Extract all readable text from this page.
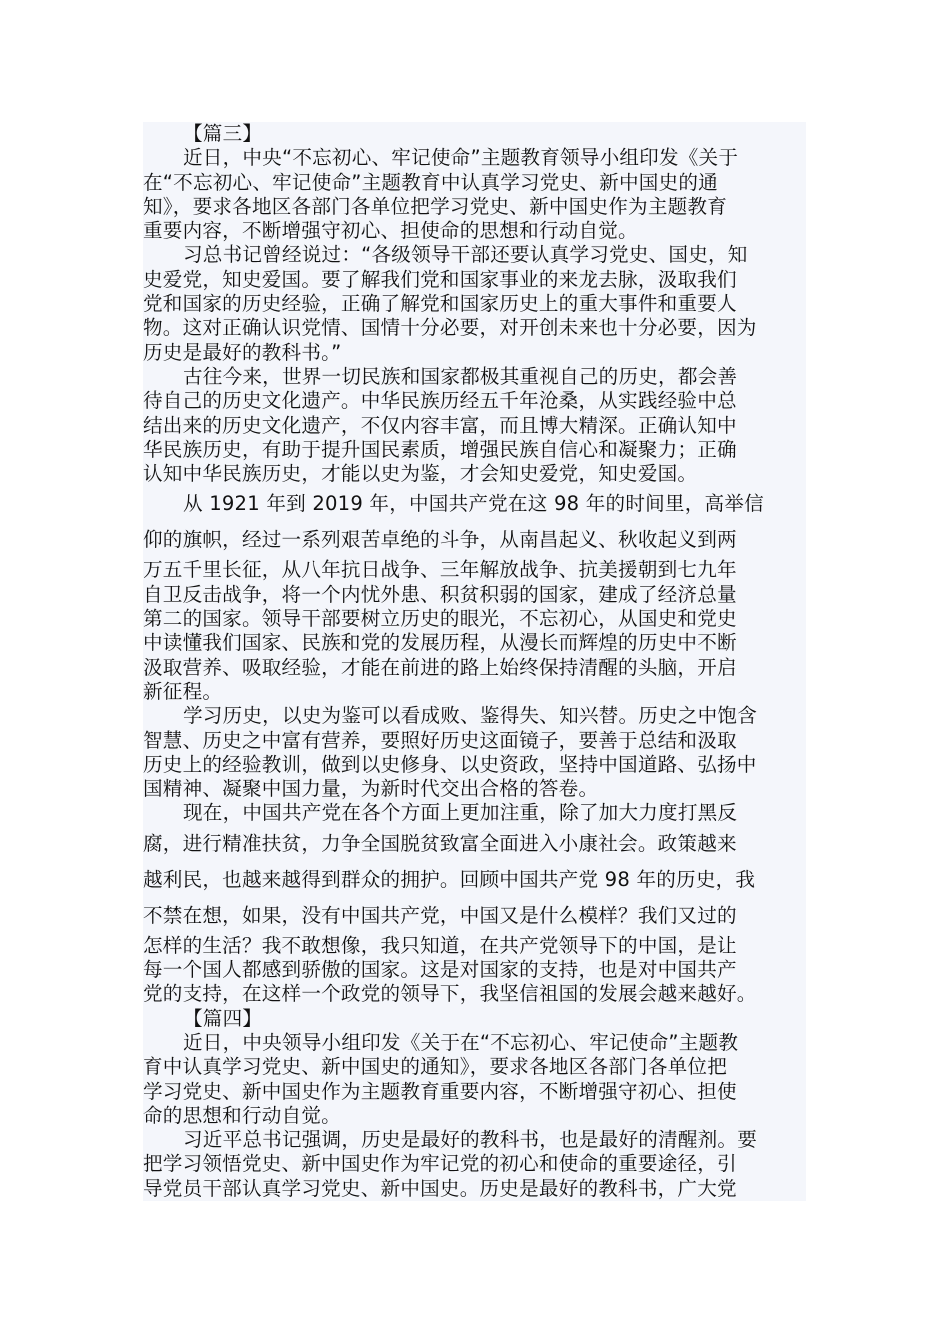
【篇三】
近日，中央“不忘初心、牢记使命”主题教育领导小组印发《关于
在“不忘初心、牢记使命”主题教育中认真学习党史、新中国史的通
知》，要求各地区各部门各单位把学习党史、新中国史作为主题教育
重要内容，不断增强守初心、担使命的思想和行动自觉。
习总书记曾经说过：“各级领导干部还要认真学习党史、国史，知
史爱党，知史爱国。要了解我们党和国家事业的来龙去脉，汲取我们
党和国家的历史经验，正确了解党和国家历史上的重大事件和重要人
物。这对正确认识党情、国情十分必要，对开创未来也十分必要，因为
历史是最好的教科书。”
古往今来，世界一切民族和国家都极其重视自己的历史，都会善
待自己的历史文化遗产。中华民族历经五千年沧桑，从实践经验中总
结出来的历史文化遗产，不仅内容丰富，而且博大精深。正确认知中
华民族历史，有助于提升国民素质，增强民族自信心和凝聚力；正确
认知中华民族历史，才能以史为鉴，才会知史爱党，知史爱国。
从 1921 年到 2019 年，中国共产党在这 98 年的时间里，高举信
仰的旗帜，经过一系列艰苦卓绝的斗争，从南昌起义、秋收起义到两
万五千里长征，从八年抗日战争、三年解放战争、抗美援朝到七九年
自卫反击战争，将一个内忧外患、积贫积弱的国家，建成了经济总量
第二的国家。领导干部要树立历史的眼光，不忘初心，从国史和党史
中读懂我们国家、民族和党的发展历程，从漫长而辉煌的历史中不断
汲取营养、吸取经验，才能在前进的路上始终保持清醒的头脑，开启
新征程。
学习历史，以史为鉴可以看成败、鉴得失、知兴替。历史之中饱含
智慧、历史之中富有营养，要照好历史这面镜子，要善于总结和汲取
历史上的经验教训，做到以史修身、以史资政，坚持中国道路、弘扬中
国精神、凝聚中国力量，为新时代交出合格的答卷。
现在，中国共产党在各个方面上更加注重，除了加大力度打黑反
腐，进行精准扶贫，力争全国脱贫致富全面进入小康社会。政策越来
越利民，也越来越得到群众的拥护。回顾中国共产党 98 年的历史，我
不禁在想，如果，没有中国共产党，中国又是什么模样？我们又过的
怎样的生活？我不敢想像，我只知道，在共产党领导下的中国，是让
每一个国人都感到骄傲的国家。这是对国家的支持，也是对中国共产
党的支持，在这样一个政党的领导下，我坚信祖国的发展会越来越好。
【篇四】
近日，中央领导小组印发《关于在“不忘初心、牢记使命”主题教
育中认真学习党史、新中国史的通知》，要求各地区各部门各单位把
学习党史、新中国史作为主题教育重要内容，不断增强守初心、担使
命的思想和行动自觉。
习近平总书记强调，历史是最好的教科书，也是最好的清醒剂。要
把学习领悟党史、新中国史作为牢记党的初心和使命的重要途径，引
导党员干部认真学习党史、新中国史。历史是最好的教科书，广大党
